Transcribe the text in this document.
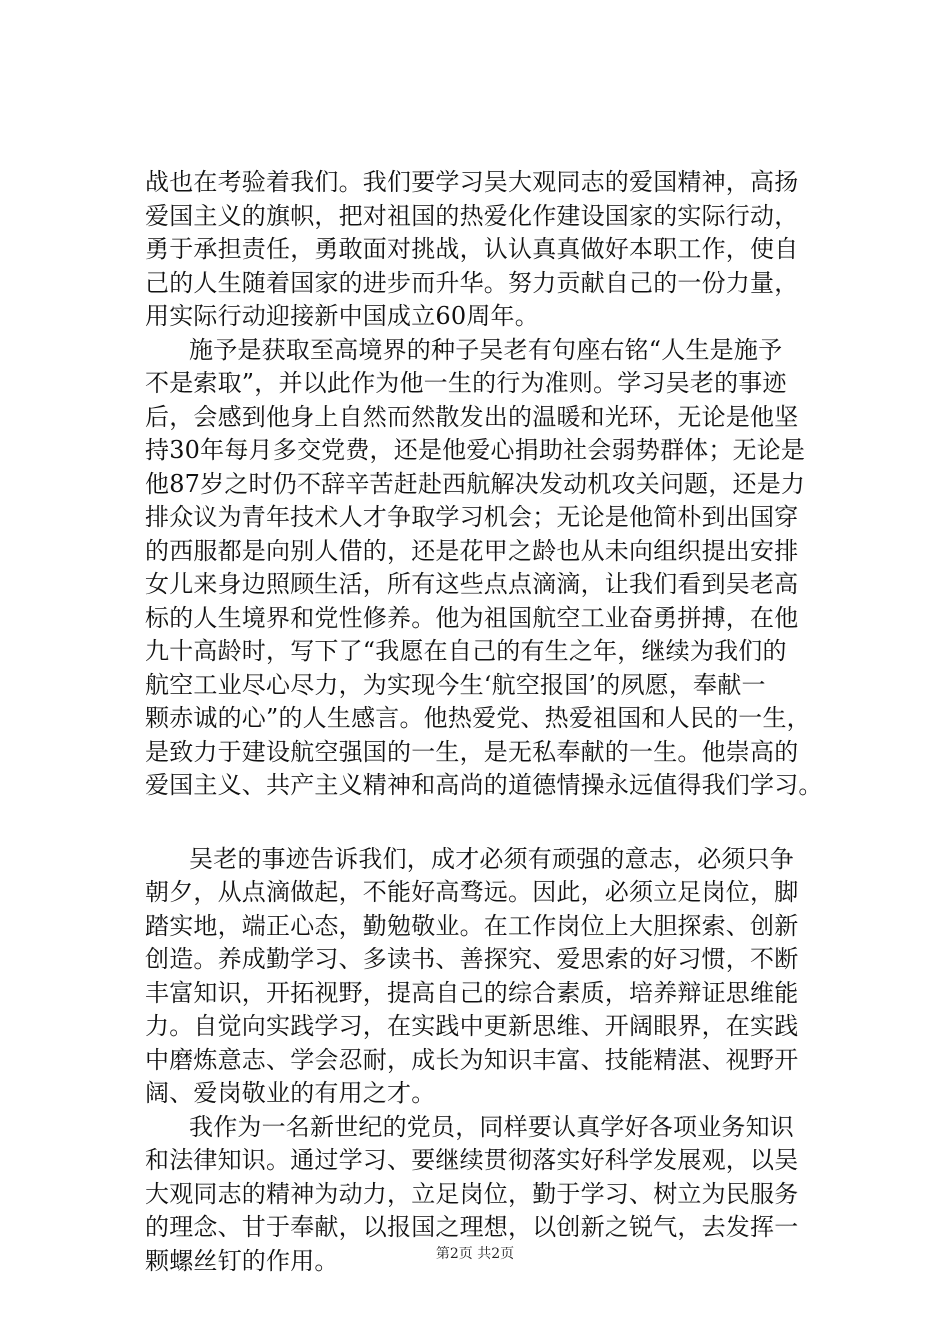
战也在考验着我们。我们要学习吴大观同志的爱国精神，高扬
爱国主义的旗帜，把对祖国的热爱化作建设国家的实际行动，
勇于承担责任，勇敢面对挑战，认认真真做好本职工作，使自
己的人生随着国家的进步而升华。努力贡献自己的一份力量，
用实际行动迎接新中国成立60周年。
施予是获取至高境界的种子吴老有句座右铭“人生是施予
不是索取”，并以此作为他一生的行为准则。学习吴老的事迹
后，会感到他身上自然而然散发出的温暖和光环，无论是他坚
持30年每月多交党费，还是他爱心捐助社会弱势群体；无论是
他87岁之时仍不辞辛苦赶赴西航解决发动机攻关问题，还是力
排众议为青年技术人才争取学习机会；无论是他简朴到出国穿
的西服都是向别人借的，还是花甲之龄也从未向组织提出安排
女儿来身边照顾生活，所有这些点点滴滴，让我们看到吴老高
标的人生境界和党性修养。他为祖国航空工业奋勇拼搏，在他
九十高龄时，写下了“我愿在自己的有生之年，继续为我们的
航空工业尽心尽力，为实现今生‘航空报国’的夙愿，奉献一
颗赤诚的心”的人生感言。他热爱党、热爱祖国和人民的一生，
是致力于建设航空强国的一生，是无私奉献的一生。他崇高的
爱国主义、共产主义精神和高尚的道德情操永远值得我们学习。
吴老的事迹告诉我们，成才必须有顽强的意志，必须只争
朝夕，从点滴做起，不能好高骛远。因此，必须立足岗位，脚
踏实地，端正心态，勤勉敬业。在工作岗位上大胆探索、创新
创造。养成勤学习、多读书、善探究、爱思索的好习惯，不断
丰富知识，开拓视野，提高自己的综合素质，培养辩证思维能
力。自觉向实践学习，在实践中更新思维、开阔眼界，在实践
中磨炼意志、学会忍耐，成长为知识丰富、技能精湛、视野开
阔、爱岗敬业的有用之才。
我作为一名新世纪的党员，同样要认真学好各项业务知识
和法律知识。通过学习、要继续贯彻落实好科学发展观，以吴
大观同志的精神为动力，立足岗位，勤于学习、树立为民服务
的理念、甘于奉献，以报国之理想，以创新之锐气，去发挥一
颗螺丝钉的作用。	第2页 共2页
